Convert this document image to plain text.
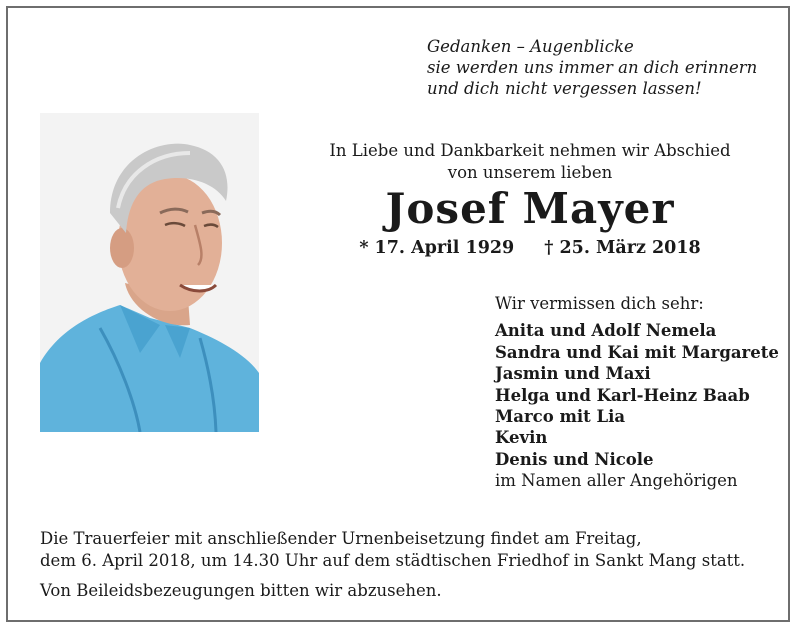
Gedanken – Augenblicke
sie werden uns immer an dich erinnern
und dich nicht vergessen lassen!
In Liebe und Dankbarkeit nehmen wir Abschied
von unserem lieben
Josef Mayer
* 17. April 1929 † 25. März 2018
Wir vermissen dich sehr:
Anita und Adolf Nemela
Sandra und Kai mit Margarete
Jasmin und Maxi
Helga und Karl-Heinz Baab
Marco mit Lia
Kevin
Denis und Nicole
im Namen aller Angehörigen
Die Trauerfeier mit anschließender Urnenbeisetzung findet am Freitag,
dem 6. April 2018, um 14.30 Uhr auf dem städtischen Friedhof in Sankt Mang statt.
Von Beileidsbezeugungen bitten wir abzusehen.
